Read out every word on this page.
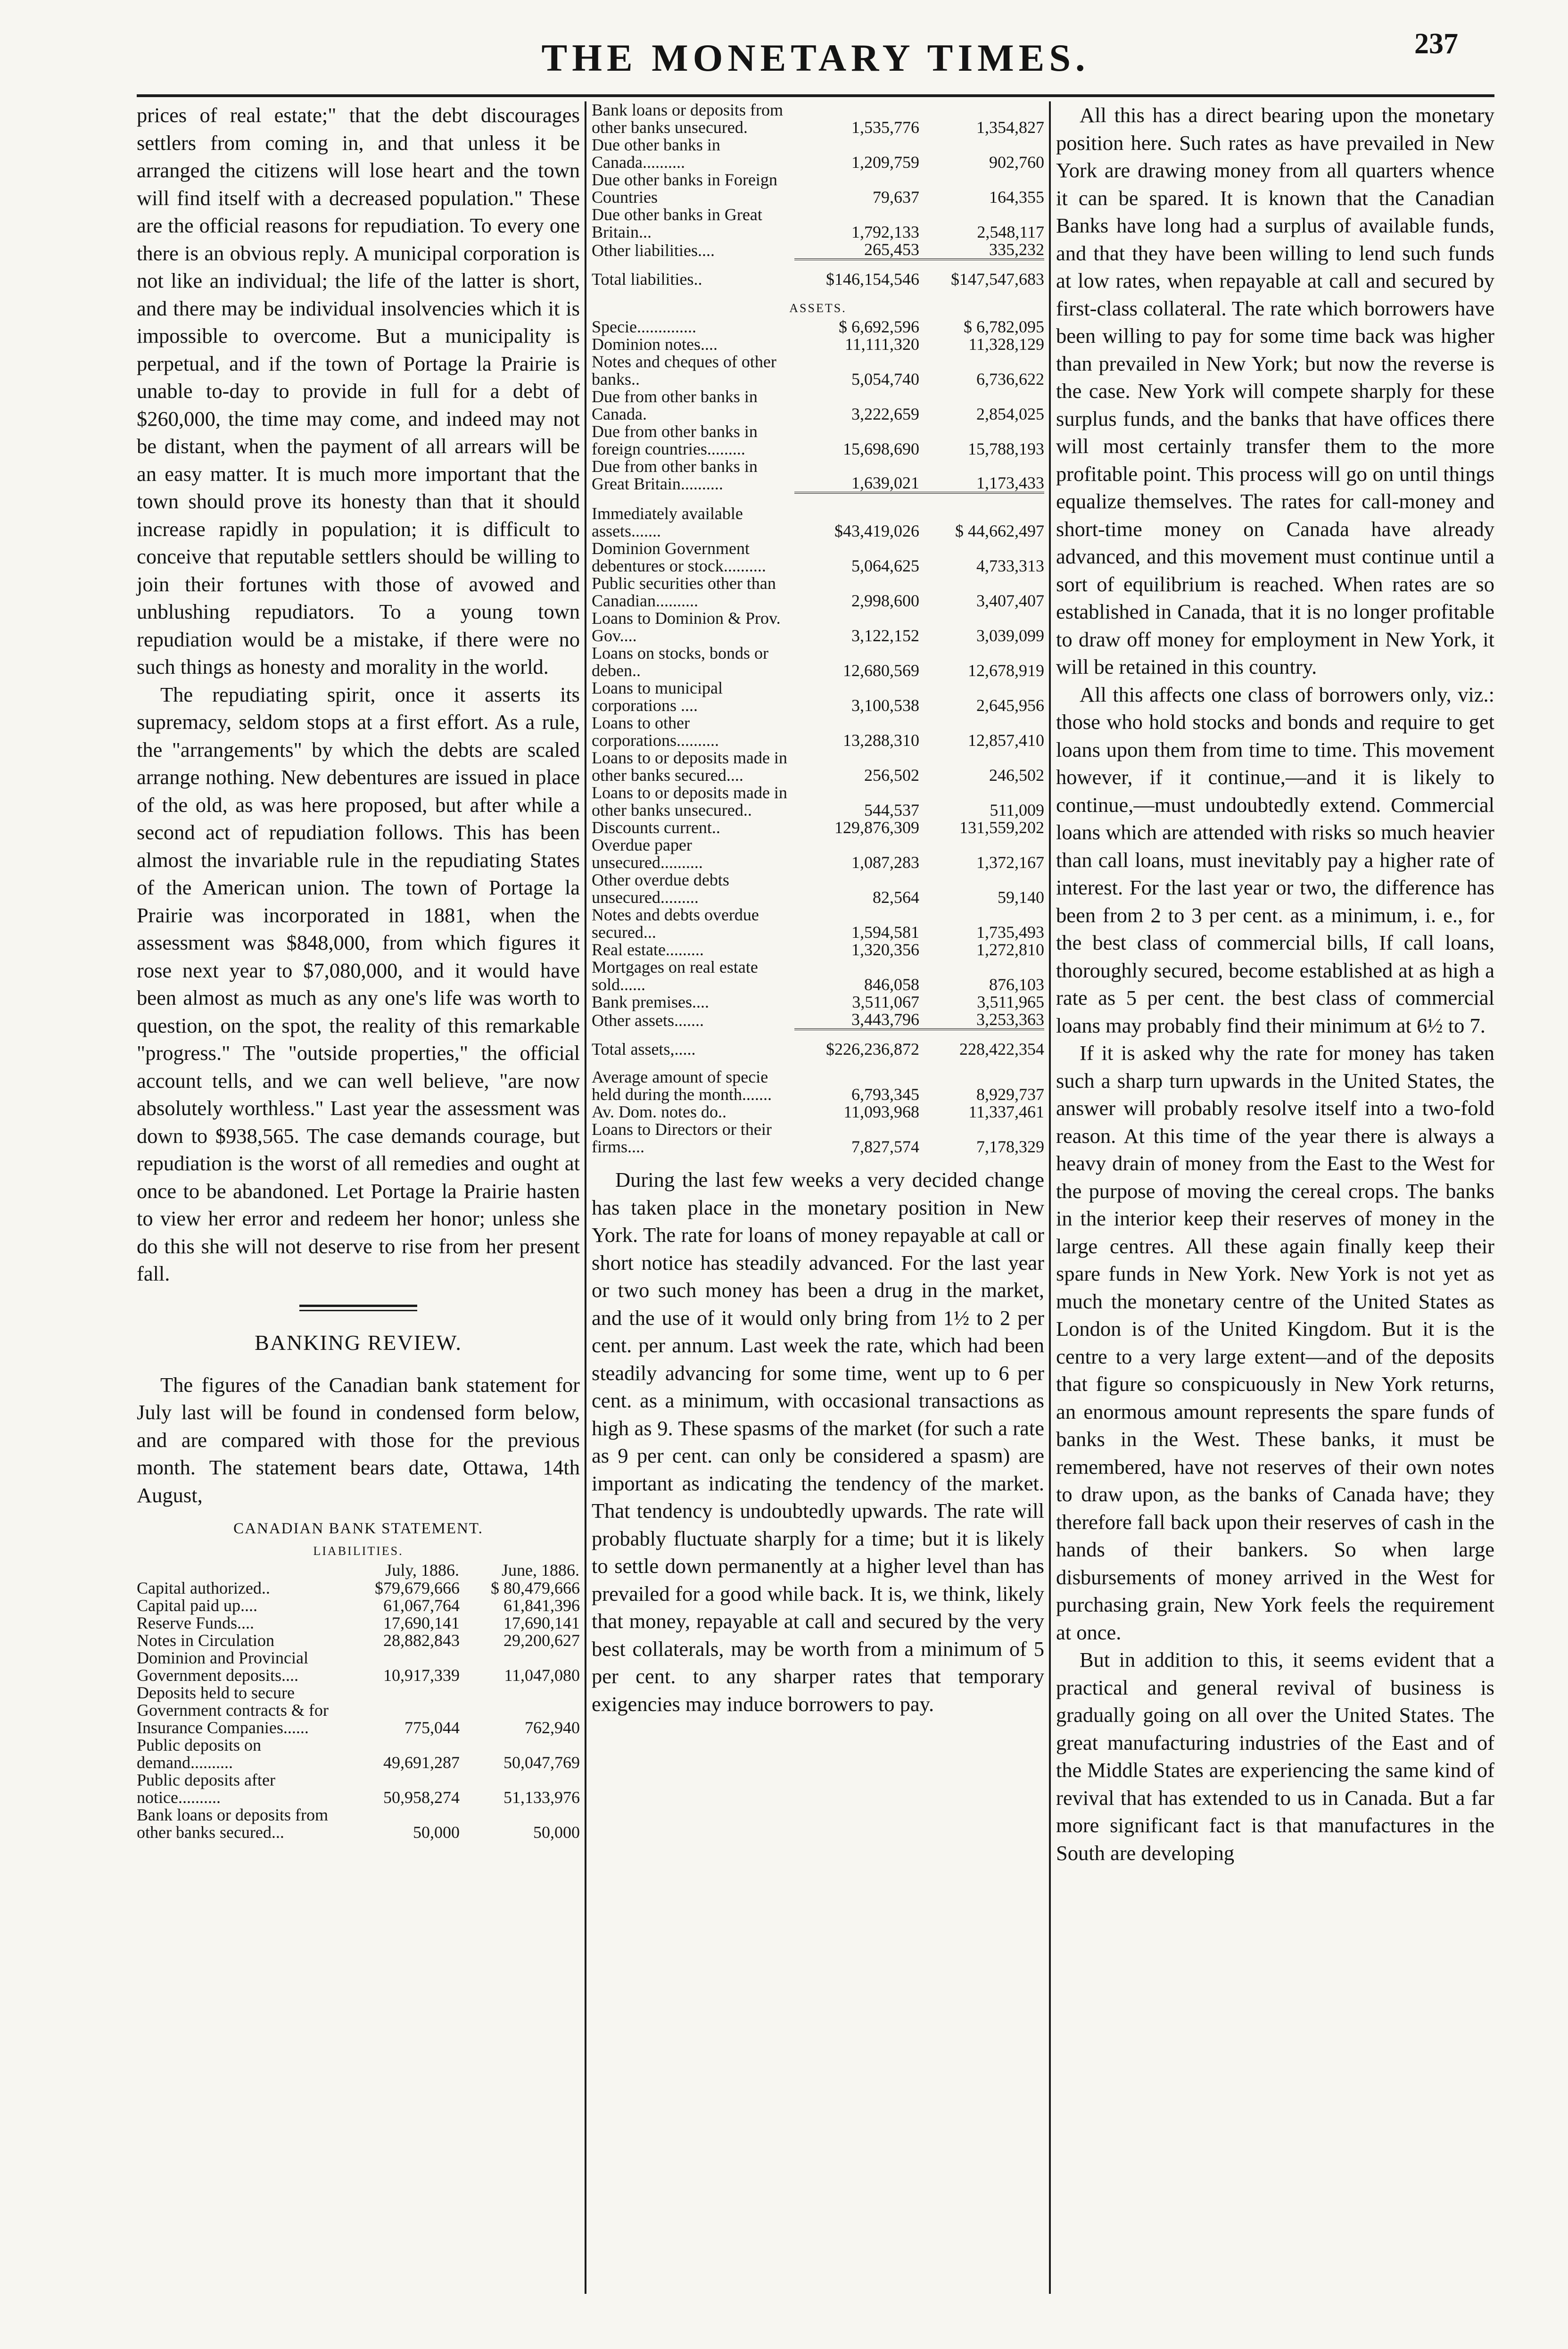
THE MONETARY TIMES.	237

prices of real estate;" that the debt discourages settlers from coming in, and that unless it be arranged the citizens will lose heart and the town will find itself with a decreased population." These are the official reasons for repudiation. To every one there is an obvious reply. A municipal corporation is not like an individual; the life of the latter is short, and there may be individual insolvencies which it is impossible to overcome. But a municipality is perpetual, and if the town of Portage la Prairie is unable to-day to provide in full for a debt of $260,000, the time may come, and indeed may not be distant, when the payment of all arrears will be an easy matter. It is much more important that the town should prove its honesty than that it should increase rapidly in population; it is difficult to conceive that reputable settlers should be willing to join their fortunes with those of avowed and unblushing repudiators. To a young town repudiation would be a mistake, if there were no such things as honesty and morality in the world.

The repudiating spirit, once it asserts its supremacy, seldom stops at a first effort. As a rule, the "arrangements" by which the debts are scaled arrange nothing. New debentures are issued in place of the old, as was here proposed, but after while a second act of repudiation follows. This has been almost the invariable rule in the repudiating States of the American union. The town of Portage la Prairie was incorporated in 1881, when the assessment was $848,000, from which figures it rose next year to $7,080,000, and it would have been almost as much as any one's life was worth to question, on the spot, the reality of this remarkable "progress." The "outside properties," the official account tells, and we can well believe, "are now absolutely worthless." Last year the assessment was down to $938,565. The case demands courage, but repudiation is the worst of all remedies and ought at once to be abandoned. Let Portage la Prairie hasten to view her error and redeem her honor; unless she do this she will not deserve to rise from her present fall.

BANKING REVIEW.

The figures of the Canadian bank statement for July last will be found in condensed form below, and are compared with those for the previous month. The statement bears date, Ottawa, 14th August,

CANADIAN BANK STATEMENT.
LIABILITIES.
	July, 1886.	June, 1886.
Capital authorized..	$79,679,666	$ 80,479,666
Capital paid up....	61,067,764	61,841,396
Reserve Funds....	17,690,141	17,690,141
Notes in Circulation	28,882,843	29,200,627
Dominion and Provincial Government deposits....	10,917,339	11,047,080
Deposits held to secure Government contracts & for Insurance Companies......	775,044	762,940
Public deposits on demand..........	49,691,287	50,047,769
Public deposits after notice..........	50,958,274	51,133,976
Bank loans or deposits from other banks secured...	50,000	50,000
Bank loans or deposits from other banks unsecured.	1,535,776	1,354,827
Due other banks in Canada..........	1,209,759	902,760
Due other banks in Foreign Countries	79,637	164,355
Due other banks in Great Britain...	1,792,133	2,548,117
Other liabilities....	265,453	335,232
Total liabilities..	$146,154,546	$147,547,683
ASSETS.
Specie..............	$ 6,692,596	$ 6,782,095
Dominion notes....	11,111,320	11,328,129
Notes and cheques of other banks..	5,054,740	6,736,622
Due from other banks in Canada.	3,222,659	2,854,025
Due from other banks in foreign countries.........	15,698,690	15,788,193
Due from other banks in Great Britain..........	1,639,021	1,173,433

Immediately available assets.......	$43,419,026	$ 44,662,497
Dominion Government debentures or stock..........	5,064,625	4,733,313
Public securities other than Canadian..........	2,998,600	3,407,407
Loans to Dominion & Prov. Gov....	3,122,152	3,039,099
Loans on stocks, bonds or deben..	12,680,569	12,678,919
Loans to municipal corporations ....	3,100,538	2,645,956
Loans to other corporations..........	13,288,310	12,857,410
Loans to or deposits made in other banks secured....	256,502	246,502
Loans to or deposits made in other banks unsecured..	544,537	511,009
Discounts current..	129,876,309	131,559,202
Overdue paper unsecured..........	1,087,283	1,372,167
Other overdue debts unsecured.........	82,564	59,140
Notes and debts overdue secured...	1,594,581	1,735,493
Real estate.........	1,320,356	1,272,810
Mortgages on real estate sold......	846,058	876,103
Bank premises....	3,511,067	3,511,965
Other assets.......	3,443,796	3,253,363
Total assets,.....	$226,236,872	228,422,354
Average amount of specie held during the month.......	6,793,345	8,929,737
Av. Dom. notes do..	11,093,968	11,337,461
Loans to Directors or their firms....	7,827,574	7,178,329

During the last few weeks a very decided change has taken place in the monetary position in New York. The rate for loans of money repayable at call or short notice has steadily advanced. For the last year or two such money has been a drug in the market, and the use of it would only bring from 1½ to 2 per cent. per annum. Last week the rate, which had been steadily advancing for some time, went up to 6 per cent. as a minimum, with occasional transactions as high as 9. These spasms of the market (for such a rate as 9 per cent. can only be considered a spasm) are important as indicating the tendency of the market. That tendency is undoubtedly upwards. The rate will probably fluctuate sharply for a time; but it is likely to settle down permanently at a higher level than has prevailed for a good while back. It is, we think, likely that money, repayable at call and secured by the very best collaterals, may be worth from a minimum of 5 per cent. to any sharper rates that temporary exigencies may induce borrowers to pay.

All this has a direct bearing upon the monetary position here. Such rates as have prevailed in New York are drawing money from all quarters whence it can be spared. It is known that the Canadian Banks have long had a surplus of available funds, and that they have been willing to lend such funds at low rates, when repayable at call and secured by first-class collateral. The rate which borrowers have been willing to pay for some time back was higher than prevailed in New York; but now the reverse is the case. New York will compete sharply for these surplus funds, and the banks that have offices there will most certainly transfer them to the more profitable point. This process will go on until things equalize themselves. The rates for call-money and short-time money on Canada have already advanced, and this movement must continue until a sort of equilibrium is reached. When rates are so established in Canada, that it is no longer profitable to draw off money for employment in New York, it will be retained in this country.

All this affects one class of borrowers only, viz.: those who hold stocks and bonds and require to get loans upon them from time to time. This movement however, if it continue,—and it is likely to continue,—must undoubtedly extend. Commercial loans which are attended with risks so much heavier than call loans, must inevitably pay a higher rate of interest. For the last year or two, the difference has been from 2 to 3 per cent. as a minimum, i. e., for the best class of commercial bills, If call loans, thoroughly secured, become established at as high a rate as 5 per cent. the best class of commercial loans may probably find their minimum at 6½ to 7.

If it is asked why the rate for money has taken such a sharp turn upwards in the United States, the answer will probably resolve itself into a two-fold reason. At this time of the year there is always a heavy drain of money from the East to the West for the purpose of moving the cereal crops. The banks in the interior keep their reserves of money in the large centres. All these again finally keep their spare funds in New York. New York is not yet as much the monetary centre of the United States as London is of the United Kingdom. But it is the centre to a very large extent—and of the deposits that figure so conspicuously in New York returns, an enormous amount represents the spare funds of banks in the West. These banks, it must be remembered, have not reserves of their own notes to draw upon, as the banks of Canada have; they therefore fall back upon their reserves of cash in the hands of their bankers. So when large disbursements of money arrived in the West for purchasing grain, New York feels the requirement at once.

But in addition to this, it seems evident that a practical and general revival of business is gradually going on all over the United States. The great manufacturing industries of the East and of the Middle States are experiencing the same kind of revival that has extended to us in Canada. But a far more significant fact is that manufactures in the South are developing
